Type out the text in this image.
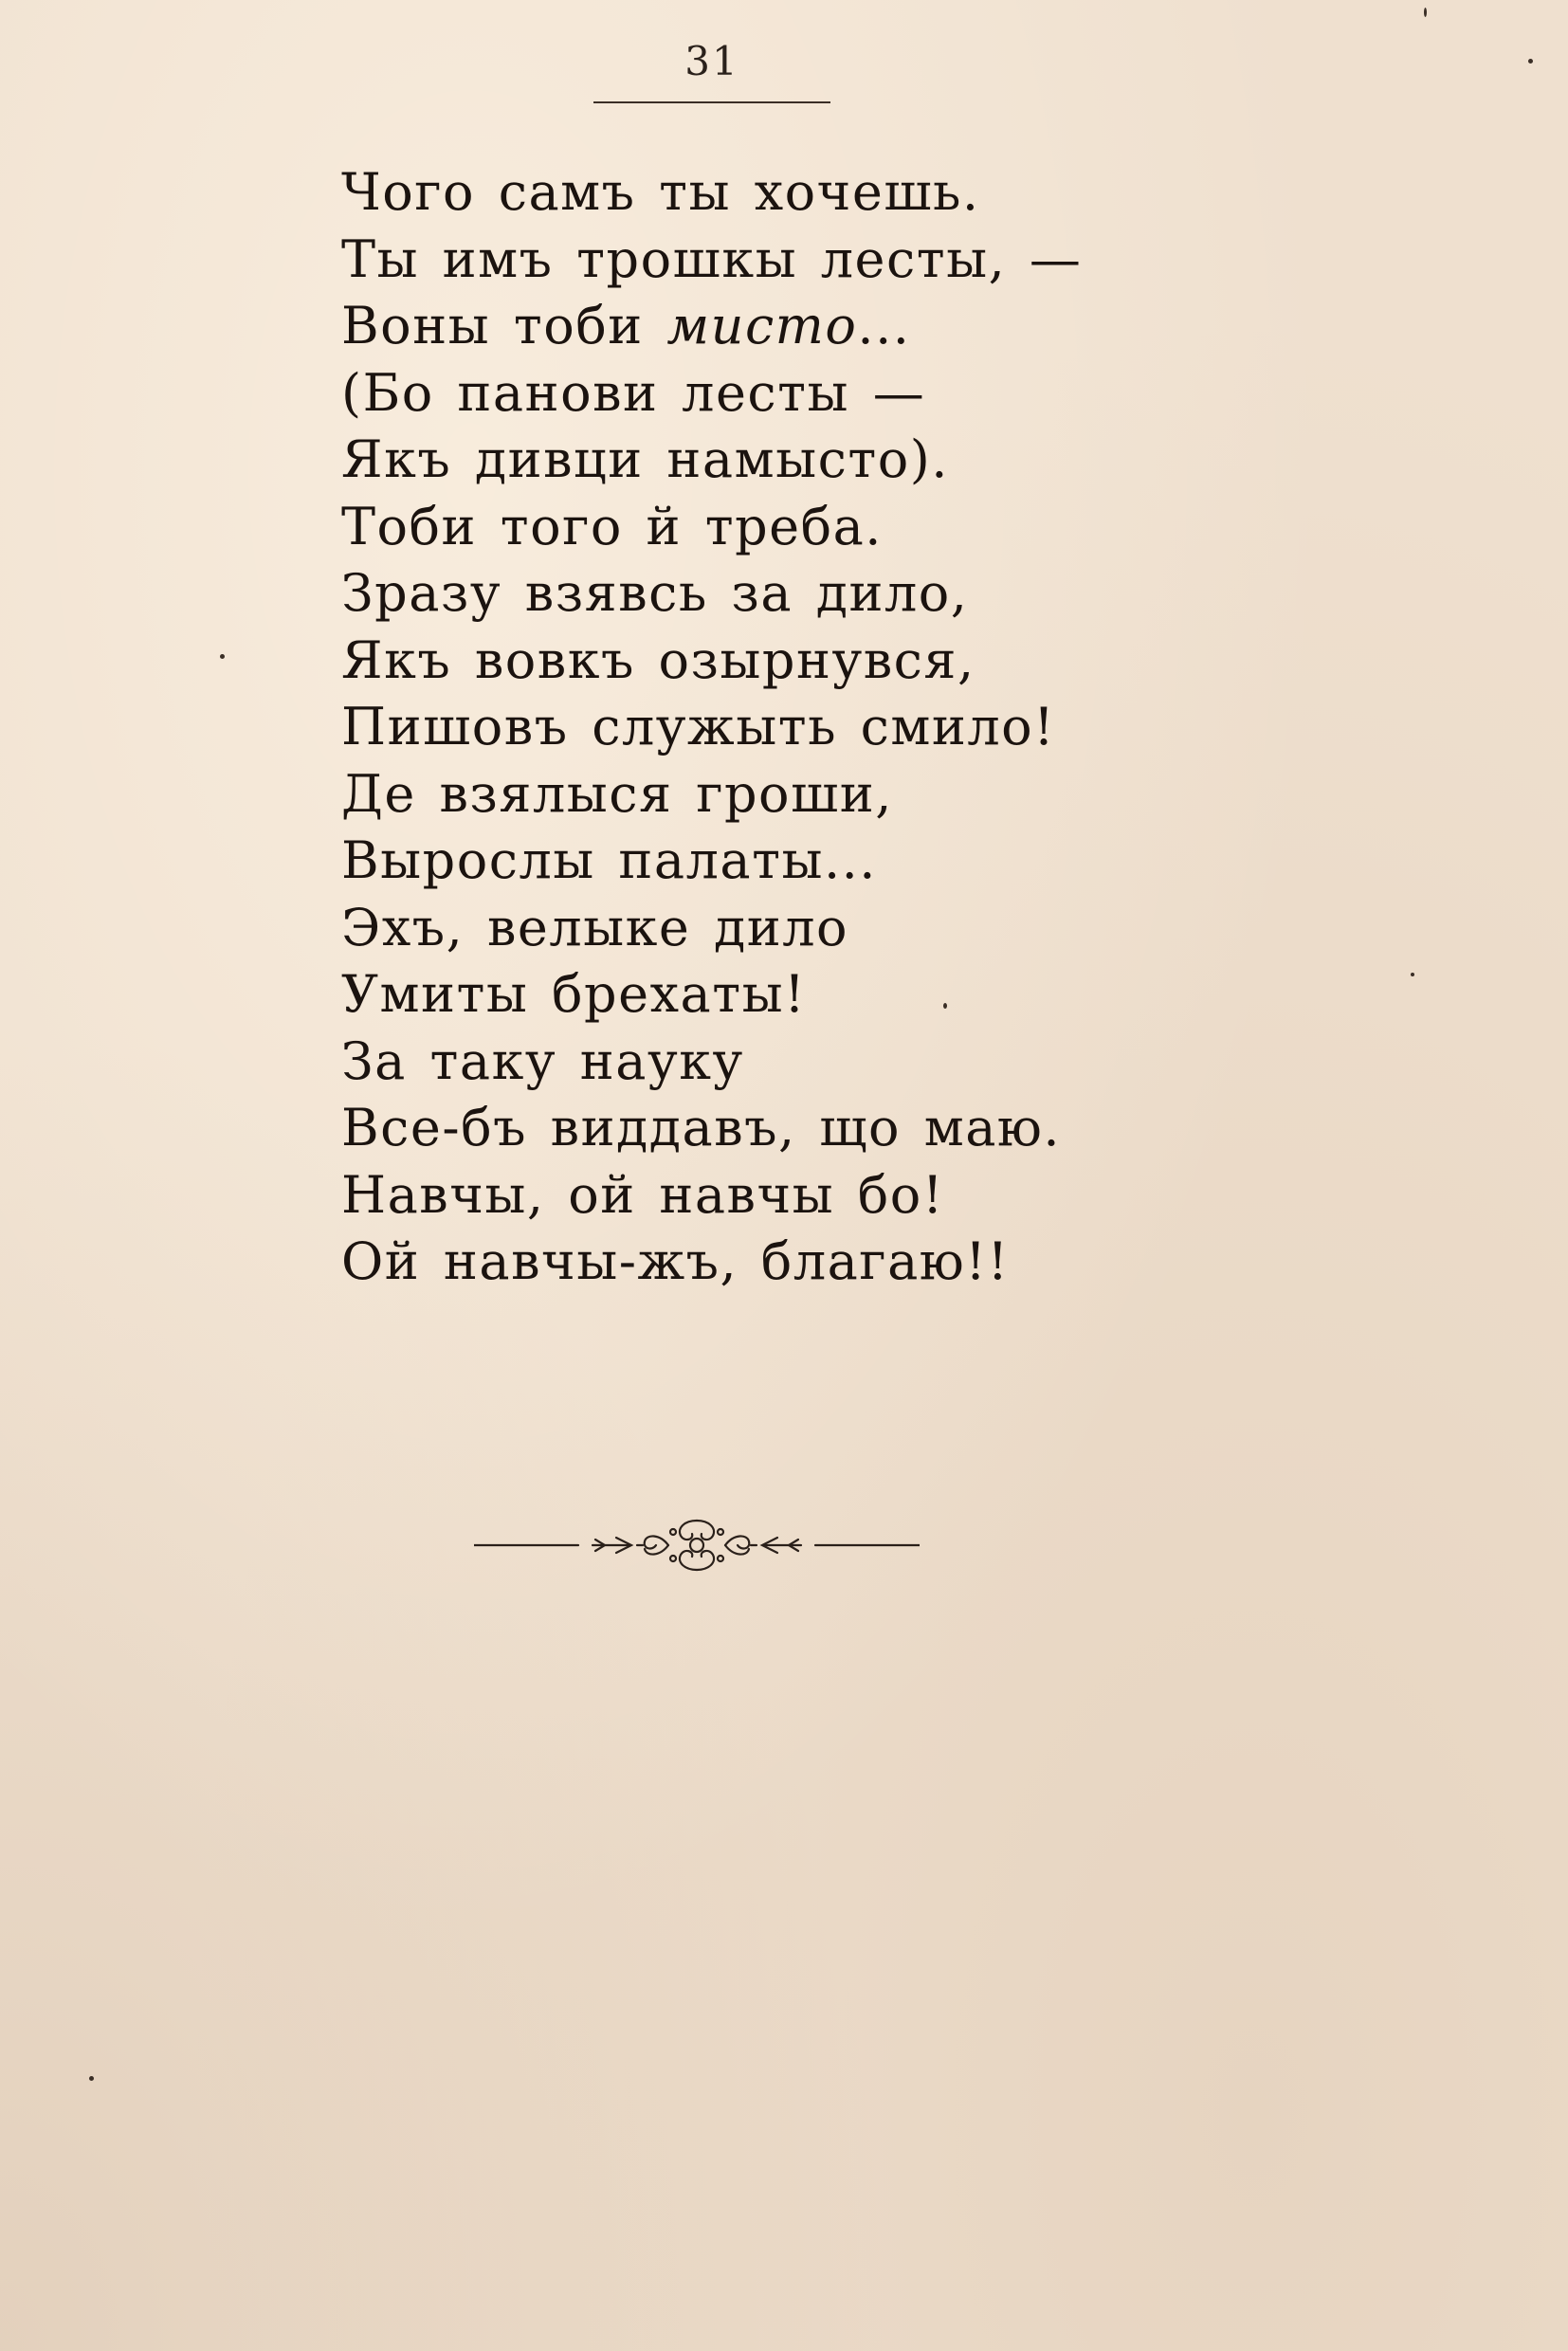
31
Чого самъ ты хочешь.
Ты имъ трошкы лесты, —
Воны тоби мисто...
(Бо панови лесты —
Якъ дивци намысто).
Тоби того й треба.
Зразу взявсь за дило,
Якъ вовкъ озырнувся,
Пишовъ служыть смило!
Де взялыся гроши,
Вырослы палаты...
Эхъ, велыке дило
Умиты брехаты!
За таку науку
Все-бъ виддавъ, що маю.
Навчы, ой навчы бо!
Ой навчы-жъ, благаю!!
